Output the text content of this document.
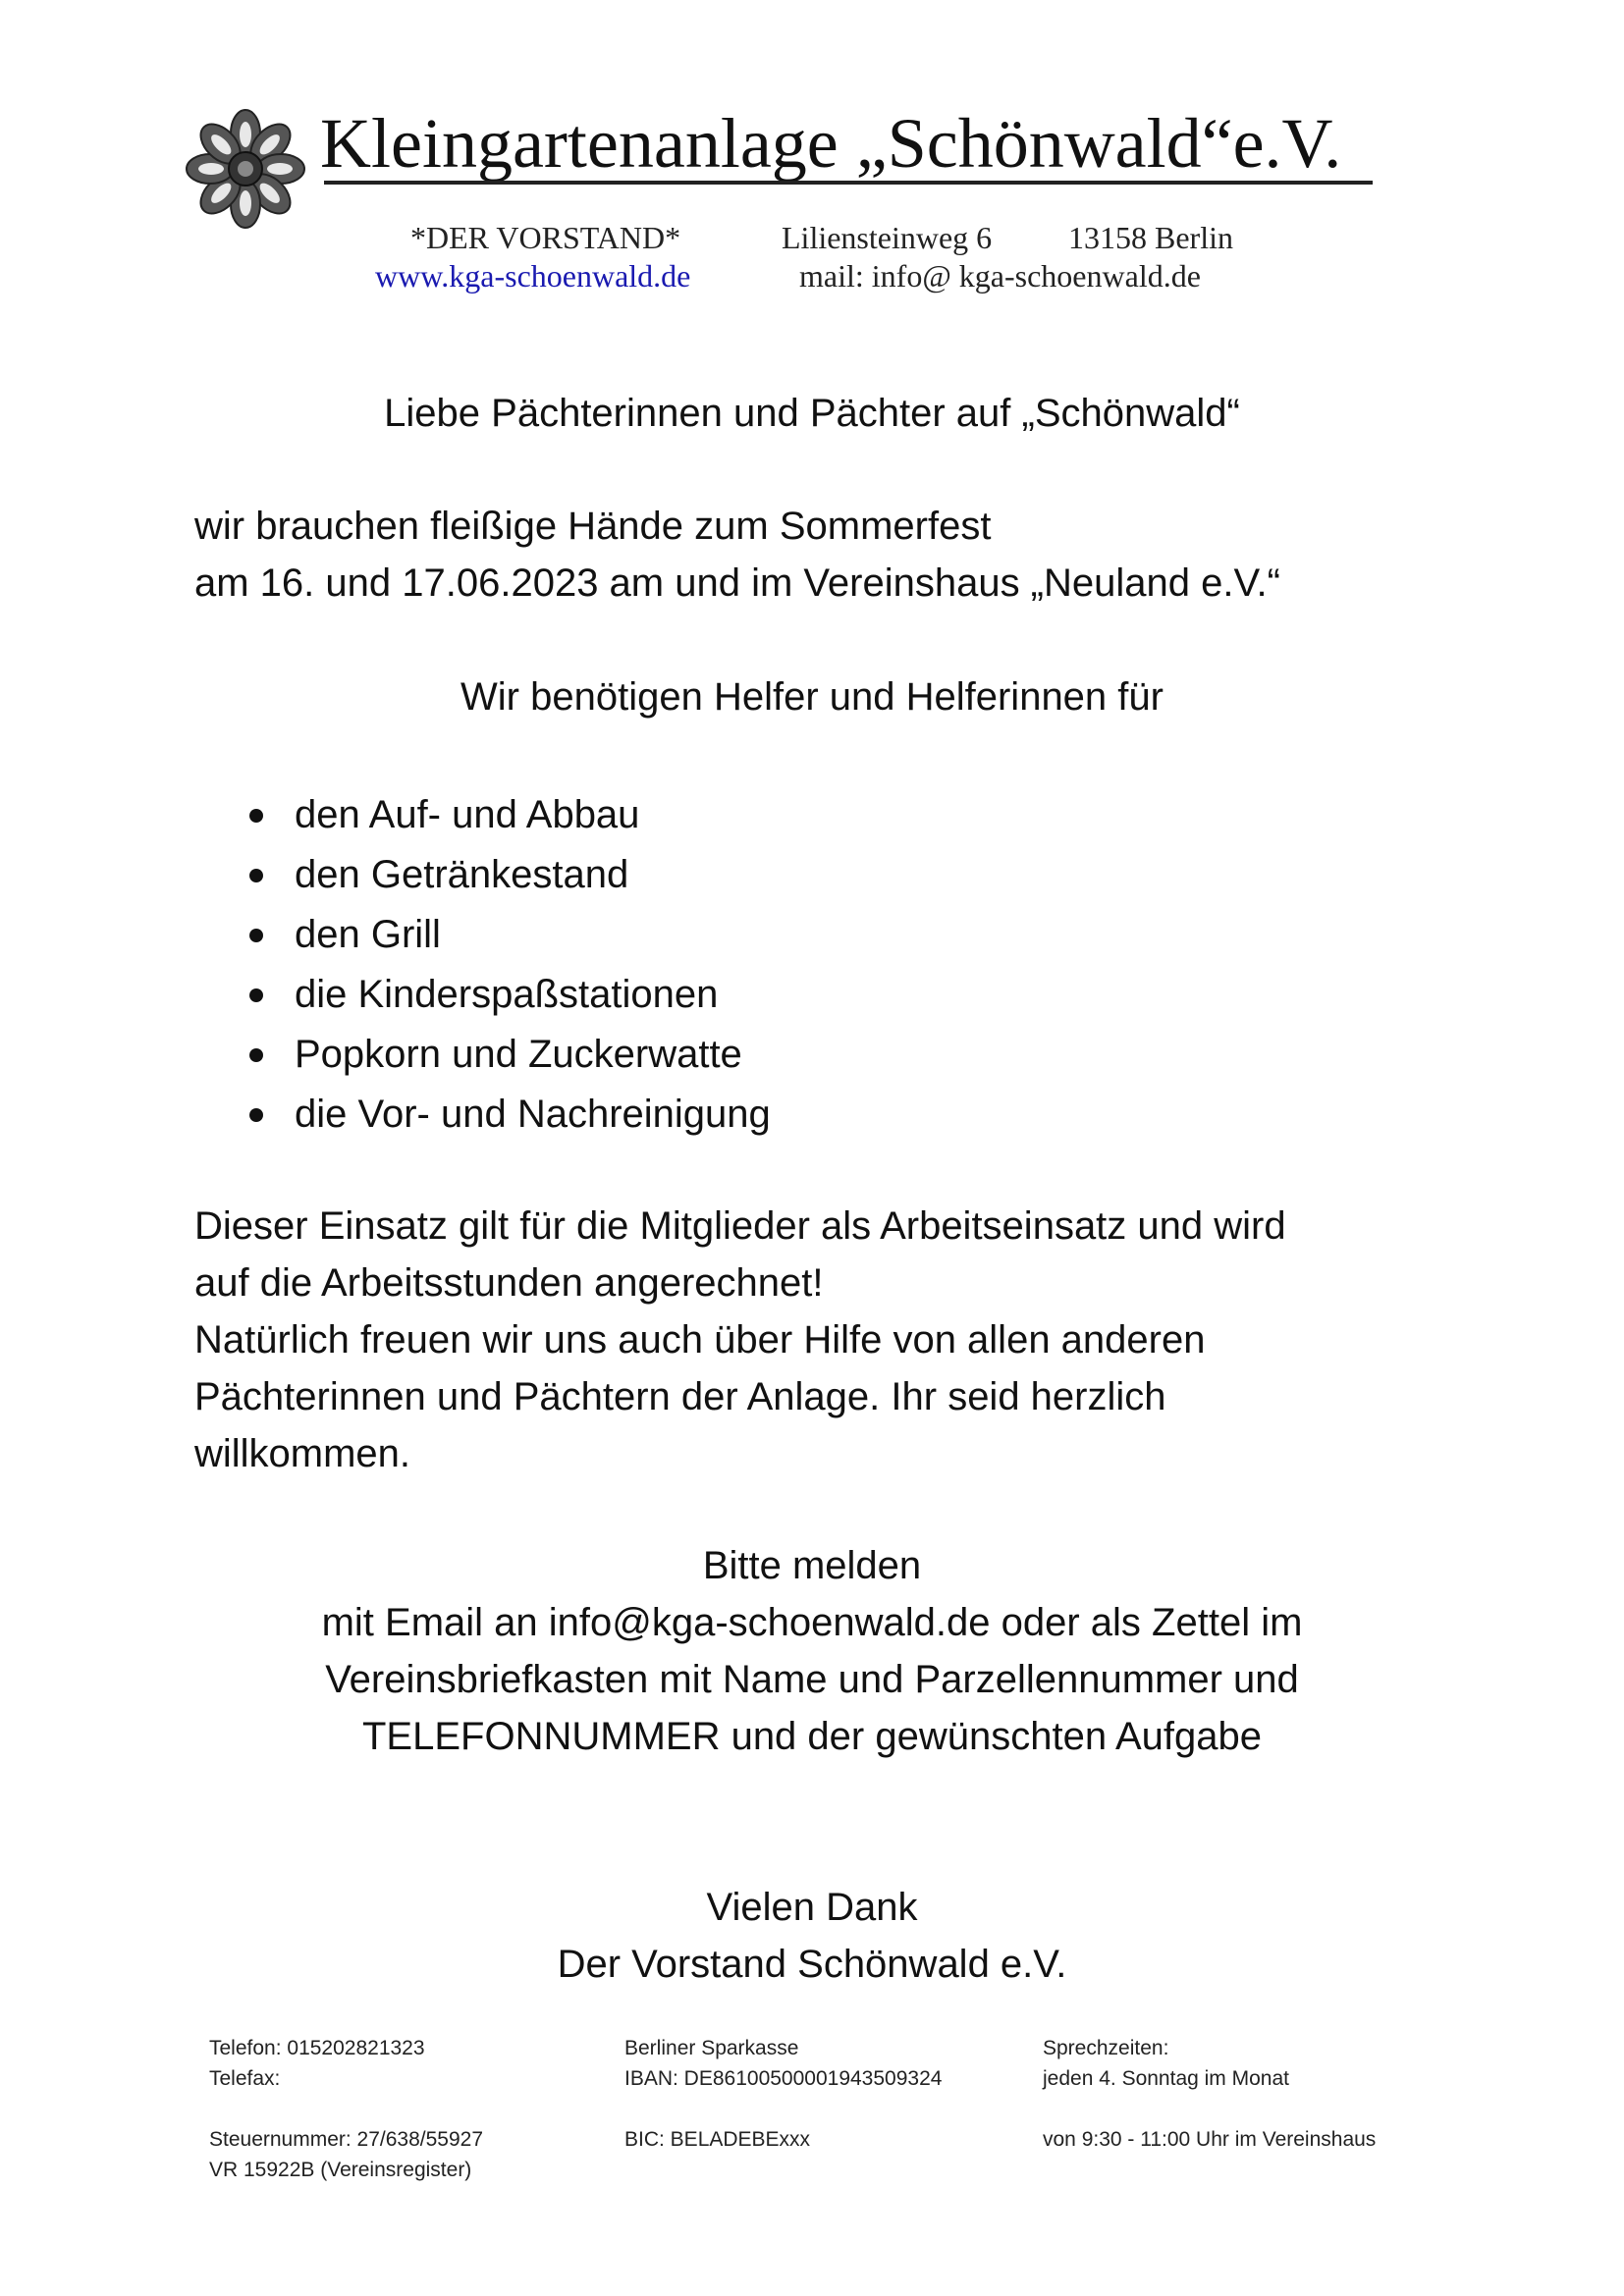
Kleingartenanlage „Schönwald“e.V.
*DER VORSTAND*	Liliensteinweg 6 13158 Berlin
www.kga-schoenwald.de	mail: info@ kga-schoenwald.de
Liebe Pächterinnen und Pächter auf „Schönwald“
wir brauchen fleißige Hände zum Sommerfest
am 16. und 17.06.2023 am und im Vereinshaus „Neuland e.V.“
Wir benötigen Helfer und Helferinnen für
den Auf- und Abbau
den Getränkestand
den Grill
die Kinderspaßstationen
Popkorn und Zuckerwatte
die Vor- und Nachreinigung
Dieser Einsatz gilt für die Mitglieder als Arbeitseinsatz und wird
auf die Arbeitsstunden angerechnet!
Natürlich freuen wir uns auch über Hilfe von allen anderen
Pächterinnen und Pächtern der Anlage. Ihr seid herzlich
willkommen.
Bitte melden
mit Email an info@kga-schoenwald.de oder als Zettel im
Vereinsbriefkasten mit Name und Parzellennummer und
TELEFONNUMMER und der gewünschten Aufgabe
Vielen Dank
Der Vorstand Schönwald e.V.
Telefon: 015202821323
Telefax:
Steuernummer: 27/638/55927
VR 15922B (Vereinsregister)
Berliner Sparkasse
IBAN: DE86100500001943509324
BIC: BELADEBExxx
Sprechzeiten:
jeden 4. Sonntag im Monat
von 9:30 - 11:00 Uhr im Vereinshaus
